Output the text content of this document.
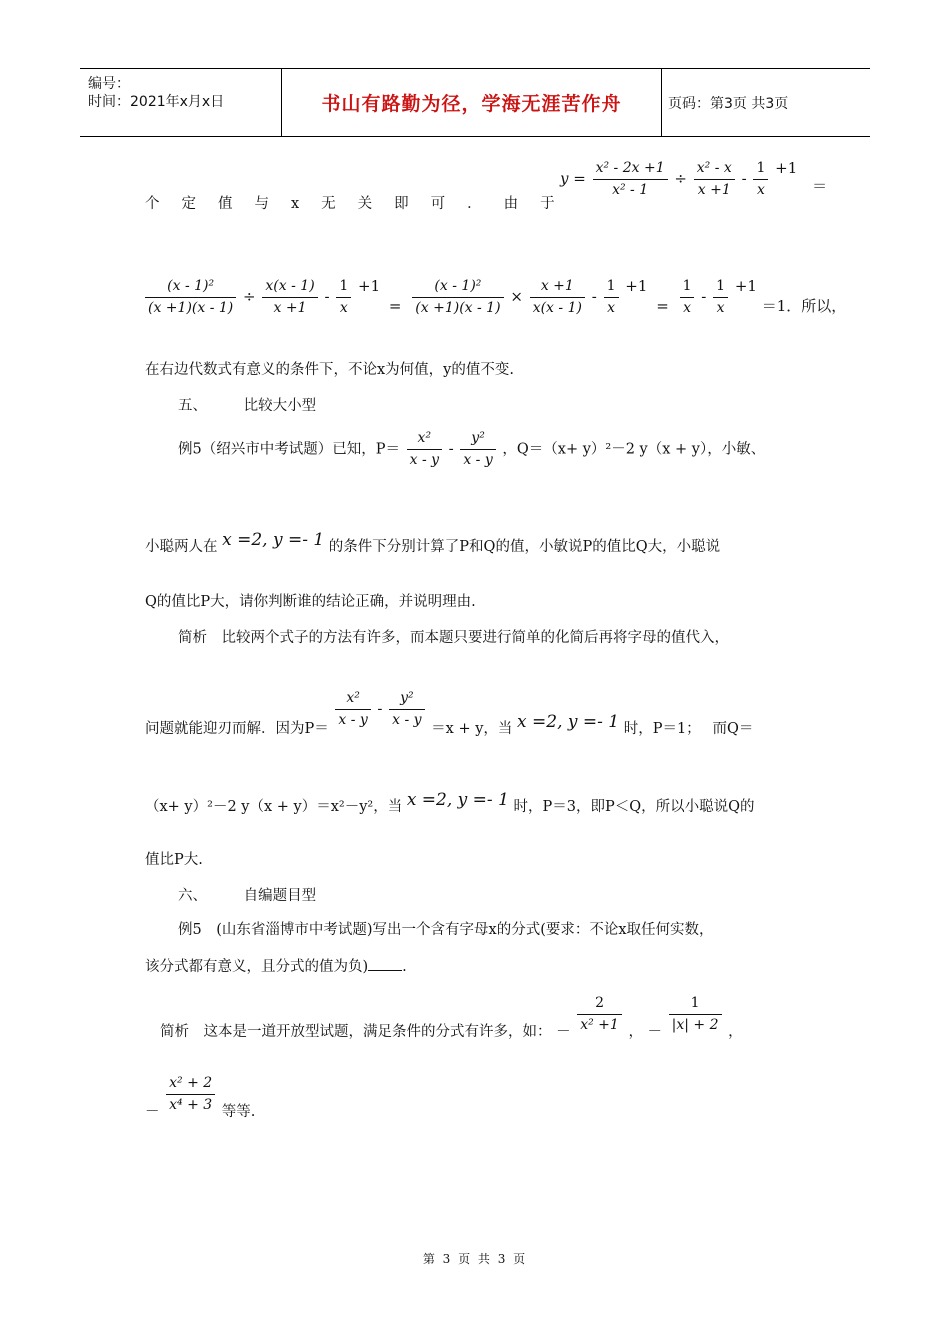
编号：
时间：2021年x月x日	书山有路勤为径，学海无涯苦作舟	页码：第3页 共3页
个定值与x无关即可．由于
$y = \frac{\text{x² - 2x +1}}{\text{x² - 1}} \div \frac{\text{x² - x}}{x +1} - \frac{1}{x} +1$ ＝
$\frac{\text{(x - 1)²}}{(x +1)(x - 1)} \div \frac{x(x - 1)}{x +1} - \frac{1}{x} +1 = \frac{\text{(x - 1)²}}{(x +1)(x - 1)} \times \frac{x +1}{x(x - 1)} - \frac{1}{x} +1 = \frac{1}{x} - \frac{1}{x} +1 =1$．所以，
在右边代数式有意义的条件下，不论x为何值，y的值不变.
五、	比较大小型
例5（绍兴市中考试题）已知，$P= \frac{\text{x²}}{x - y} - \frac{\text{y²}}{x - y}$ ，Q＝（x+ y）²－2 y（x + y），小敏、
小聪两人在 x =2, y =- 1 的条件下分别计算了P和Q的值，小敏说P的值比Q大，小聪说
Q的值比P大，请你判断谁的结论正确，并说明理由.
简析　比较两个式子的方法有许多，而本题只要进行简单的化简后再将字母的值代入，
问题就能迎刃而解．因为P＝
$\frac{\text{x²}}{x - y} - \frac{\text{y²}}{x - y}$
＝x + y，当 x =2, y =- 1 时，P＝1；　 而Q＝
（x+ y）²－2 y（x + y）＝x²－y²，当 x =2, y =- 1 时，P＝3，即P＜Q，所以小聪说Q的
值比P大.
六、	自编题目型
例5　(山东省淄博市中考试题)写出一个含有字母x的分式(要求：不论x取任何实数，
该分式都有意义，且分式的值为负) .
简析　这本是一道开放型试题，满足条件的分式有许多，如： － $\frac{2}{\text{x² +1}}$ ， － $\frac{1}{|x| + 2}$ ，
－ $\frac{\text{x² + 2}}{\text{x⁴ + 3}}$ 等等.
第 3 页 共 3 页
